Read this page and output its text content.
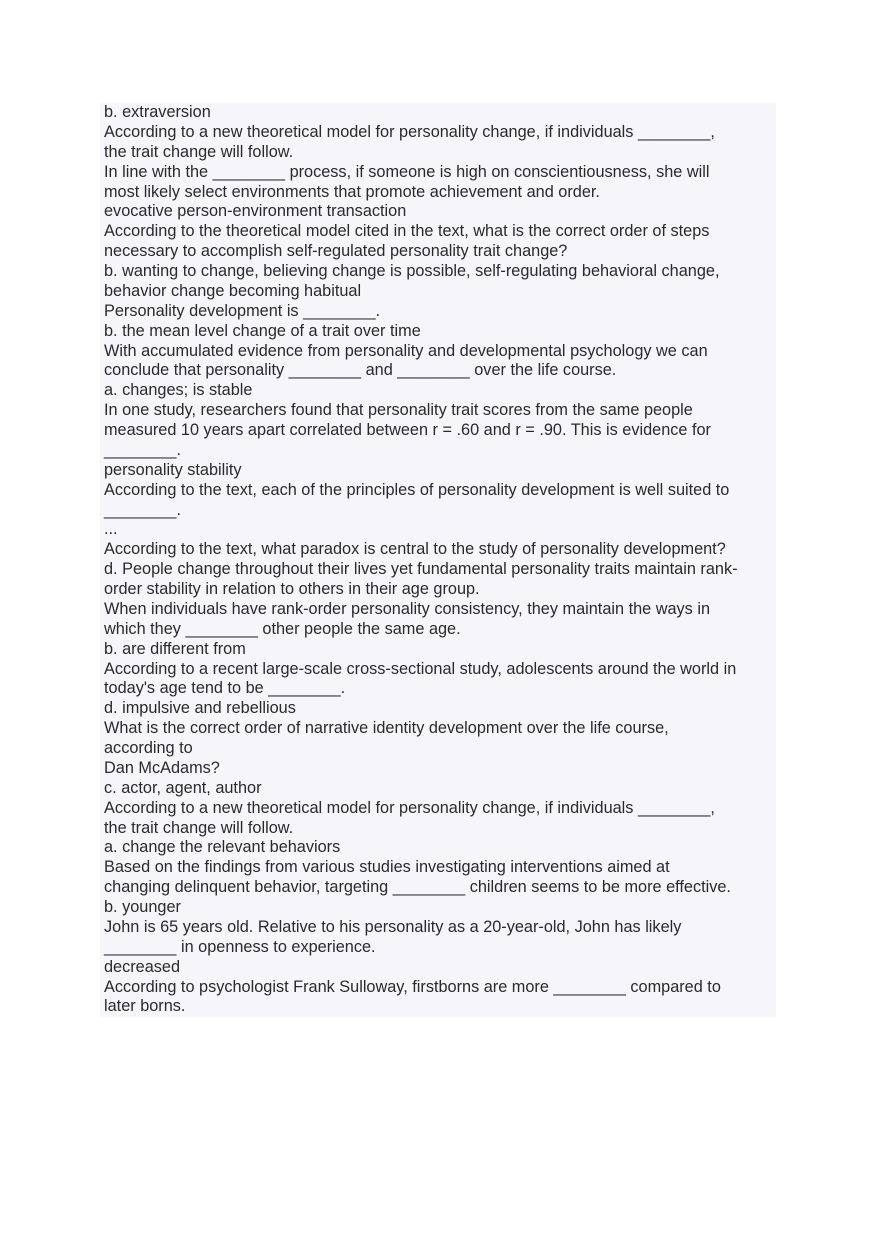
b. extraversion
According to a new theoretical model for personality change, if individuals ________,
the trait change will follow.
In line with the ________ process, if someone is high on conscientiousness, she will
most likely select environments that promote achievement and order.
evocative person-environment transaction
According to the theoretical model cited in the text, what is the correct order of steps
necessary to accomplish self-regulated personality trait change?
b. wanting to change, believing change is possible, self-regulating behavioral change,
behavior change becoming habitual
Personality development is ________.
b. the mean level change of a trait over time
With accumulated evidence from personality and developmental psychology we can
conclude that personality ________ and ________ over the life course.
a. changes; is stable
In one study, researchers found that personality trait scores from the same people
measured 10 years apart correlated between r = .60 and r = .90. This is evidence for
________.
personality stability
According to the text, each of the principles of personality development is well suited to
________.
...
According to the text, what paradox is central to the study of personality development?
d. People change throughout their lives yet fundamental personality traits maintain rank-
order stability in relation to others in their age group.
When individuals have rank-order personality consistency, they maintain the ways in
which they ________ other people the same age.
b. are different from
According to a recent large-scale cross-sectional study, adolescents around the world in
today's age tend to be ________.
d. impulsive and rebellious
What is the correct order of narrative identity development over the life course,
according to
Dan McAdams?
c. actor, agent, author
According to a new theoretical model for personality change, if individuals ________,
the trait change will follow.
a. change the relevant behaviors
Based on the findings from various studies investigating interventions aimed at
changing delinquent behavior, targeting ________ children seems to be more effective.
b. younger
John is 65 years old. Relative to his personality as a 20-year-old, John has likely
________ in openness to experience.
decreased
According to psychologist Frank Sulloway, firstborns are more ________ compared to
later borns.
